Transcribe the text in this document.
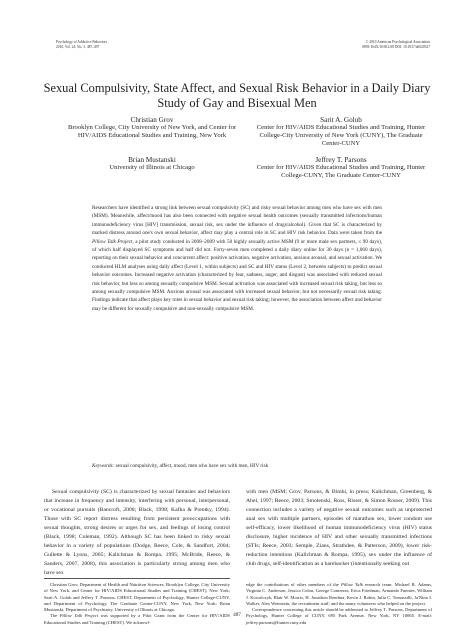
Psychology of Addictive Behaviors
2010, Vol. 24, No. 3, 487–497
© 2010 American Psychological Association
0893-164X/10/$12.00 DOI: 10.1037/a0020527
Sexual Compulsivity, State Affect, and Sexual Risk Behavior in a Daily Diary Study of Gay and Bisexual Men
Christian Grov
Brooklyn College, City University of New York, and Center for HIV/AIDS Educational Studies and Training, New York
Sarit A. Golub
Center for HIV/AIDS Educational Studies and Training, Hunter College-City University of New York (CUNY), The Graduate Center-CUNY
Brian Mustanski
University of Illinois at Chicago
Jeffrey T. Parsons
Center for HIV/AIDS Educational Studies and Training, Hunter College-CUNY, The Graduate Center-CUNY
Researchers have identified a strong link between sexual compulsivity (SC) and risky sexual behavior among men who have sex with men (MSM). Meanwhile, affect/mood has also been connected with negative sexual health outcomes (sexually transmitted infections/human immunodeficiency virus [HIV] transmission, sexual risk, sex under the influence of drugs/alcohol). Given that SC is characterized by marked distress around one's own sexual behavior, affect may play a central role in SC and HIV risk behavior. Data were taken from the Pillow Talk Project, a pilot study conducted in 2008–2009 with 50 highly sexually active MSM (9 or more male sex partners, ≤ 90 days), of which half displayed SC symptoms and half did not. Forty-seven men completed a daily diary online for 30 days (n = 1,060 days), reporting on their sexual behavior and concurrent affect: positive activation, negative activation, anxious arousal, and sexual activation. We conducted HLM analyses using daily affect (Level 1, within subjects) and SC and HIV status (Level 2, between subjects) to predict sexual behavior outcomes. Increased negative activation (characterized by fear, sadness, anger, and disgust) was associated with reduced sexual risk behavior, but less so among sexually compulsive MSM. Sexual activation was associated with increased sexual risk taking, but less so among sexually compulsive MSM. Anxious arousal was associated with increased sexual behavior, but not necessarily sexual risk taking. Findings indicate that affect plays key roles in sexual behavior and sexual risk taking; however, the association between affect and behavior may be different for sexually compulsive and non-sexually compulsive MSM.
Keywords: sexual compulsivity, affect, mood, men who have sex with men, HIV risk
Sexual compulsivity (SC) is characterized by sexual fantasies and behaviors that increase in frequency and intensity, interfering with personal, interpersonal, or vocational pursuits (Bancroft, 2008; Black, 1998; Kafka & Prentky, 1994). Those with SC report distress resulting from persistent preoccupations with sexual thoughts, strong desires or urges for sex, and feelings of losing control (Black, 1998; Coleman, 1992). Although SC has been linked to risky sexual behavior in a variety of populations (Dodge, Reece, Cole, & Sandfort, 2004; Gullette & Lyons, 2005; Kalichman & Rompa, 1995; McBride, Reece, & Sanders, 2007, 2008), this association is particularly strong among men who have sex
with men (MSM; Grov, Parsons, & Bimbi, in press; Kalichman, Greenberg, & Abel, 1997; Reece, 2003; Smolenski, Ross, Risser, & Simon Rosser, 2009). This connection includes a variety of negative sexual outcomes such as unprotected anal sex with multiple partners, episodes of marathon sex, lower condom use self-efficacy, lower likelihood of human immunodeficiency virus (HIV) status disclosure, higher incidence of HIV and other sexually transmitted infections (STIs; Reece, 2003; Semple, Zians, Strathdee, & Patterson, 2009), lower risk-reduction intentions (Kalichman & Rompa, 1995), sex under the influence of club drugs, self-identification as a barebacker (intentionally seeking out

Christian Grov, Department of Health and Nutrition Sciences, Brooklyn College, City University of New York, and Center for HIV/AIDS Educational Studies and Training (CHEST), New York; Sarit A. Golub and Jeffrey T. Parsons, CHEST, Department of Psychology, Hunter College-CUNY, and Department of Psychology, The Graduate Center-CUNY, New York, New York; Brian Mustanski, Department of Psychiatry, University of Illinois at Chicago.

The Pillow Talk Project was supported by a Pilot Grant from the Center for HIV/AIDS Educational Studies and Training (CHEST). We acknowl-

edge the contributions of other members of the Pillow Talk research team: Michael R. Adams, Virginia C. Anderson, Jessica Colon, George Contreras, Erica Friedman, Armando Fuentes, William J. Kowalczyk, Blair W. Morris, H. Jonathon Rendina, Kevin J. Robin, Julia C. Tomassilli, Ja'Nina J. Walker, Alex Weinstein, the recruitment staff, and the many volunteers who helped on the project.

Correspondence concerning this article should be addressed to Jeffrey T. Parsons, Department of Psychology, Hunter College of CUNY, 695 Park Avenue, New York, NY 10065. E-mail: jeffrey.parsons@hunter.cuny.edu

487
